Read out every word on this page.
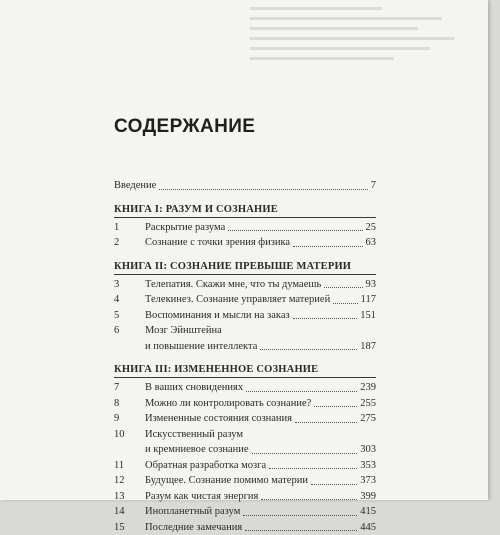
СОДЕРЖАНИЕ
Введение	7
КНИГА I: РАЗУМ И СОЗНАНИЕ
1	Раскрытие разума	25
2	Сознание с точки зрения физика	63
КНИГА II: СОЗНАНИЕ ПРЕВЫШЕ МАТЕРИИ
3	Телепатия. Скажи мне, что ты думаешь	93
4	Телекинез. Сознание управляет материей	117
5	Воспоминания и мысли на заказ	151
6	Мозг Эйнштейна
и повышение интеллекта	187
КНИГА III: ИЗМЕНЕННОЕ СОЗНАНИЕ
7	В ваших сновидениях	239
8	Можно ли контролировать сознание?	255
9	Измененные состояния сознания	275
10	Искусственный разум
и кремниевое сознание	303
11	Обратная разработка мозга	353
12	Будущее. Сознание помимо материи	373
13	Разум как чистая энергия	399
14	Инопланетный разум	415
15	Последние замечания	445
